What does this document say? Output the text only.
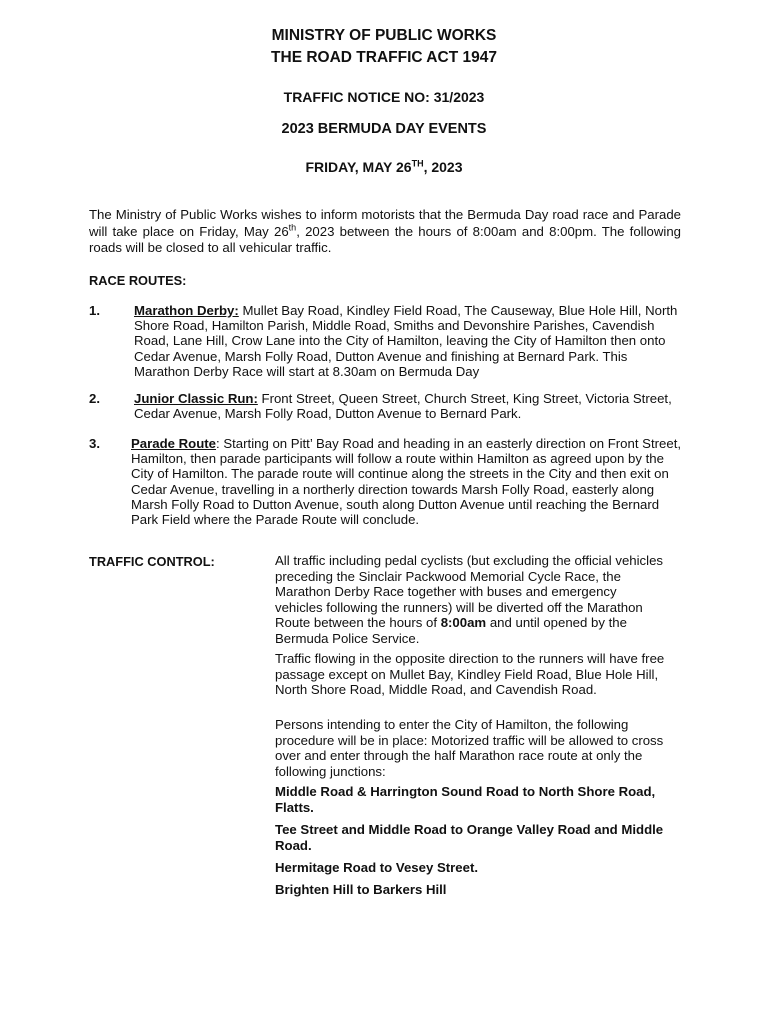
MINISTRY OF PUBLIC WORKS
THE ROAD TRAFFIC ACT 1947
TRAFFIC NOTICE NO: 31/2023
2023 BERMUDA DAY EVENTS
FRIDAY, MAY 26TH, 2023
The Ministry of Public Works wishes to inform motorists that the Bermuda Day road race and Parade will take place on Friday, May 26th, 2023 between the hours of 8:00am and 8:00pm. The following roads will be closed to all vehicular traffic.
RACE ROUTES:
1.	Marathon Derby: Mullet Bay Road, Kindley Field Road, The Causeway, Blue Hole Hill, North Shore Road, Hamilton Parish, Middle Road, Smiths and Devonshire Parishes, Cavendish Road, Lane Hill, Crow Lane into the City of Hamilton, leaving the City of Hamilton then onto Cedar Avenue, Marsh Folly Road, Dutton Avenue and finishing at Bernard Park. This Marathon Derby Race will start at 8.30am on Bermuda Day
2.	Junior Classic Run: Front Street, Queen Street, Church Street, King Street, Victoria Street, Cedar Avenue, Marsh Folly Road, Dutton Avenue to Bernard Park.
3. Parade Route: Starting on Pitt’ Bay Road and heading in an easterly direction on Front Street, Hamilton, then parade participants will follow a route within Hamilton as agreed upon by the City of Hamilton. The parade route will continue along the streets in the City and then exit on Cedar Avenue, travelling in a northerly direction towards Marsh Folly Road, easterly along Marsh Folly Road to Dutton Avenue, south along Dutton Avenue until reaching the Bernard Park Field where the Parade Route will conclude.
TRAFFIC CONTROL:	All traffic including pedal cyclists (but excluding the official vehicles preceding the Sinclair Packwood Memorial Cycle Race, the Marathon Derby Race together with buses and emergency vehicles following the runners) will be diverted off the Marathon Route between the hours of 8:00am and until opened by the Bermuda Police Service.
Traffic flowing in the opposite direction to the runners will have free passage except on Mullet Bay, Kindley Field Road, Blue Hole Hill, North Shore Road, Middle Road, and Cavendish Road.
Persons intending to enter the City of Hamilton, the following procedure will be in place: Motorized traffic will be allowed to cross over and enter through the half Marathon race route at only the following junctions:
Middle Road & Harrington Sound Road to North Shore Road, Flatts.
Tee Street and Middle Road to Orange Valley Road and Middle Road.
Hermitage Road to Vesey Street.
Brighten Hill to Barkers Hill
